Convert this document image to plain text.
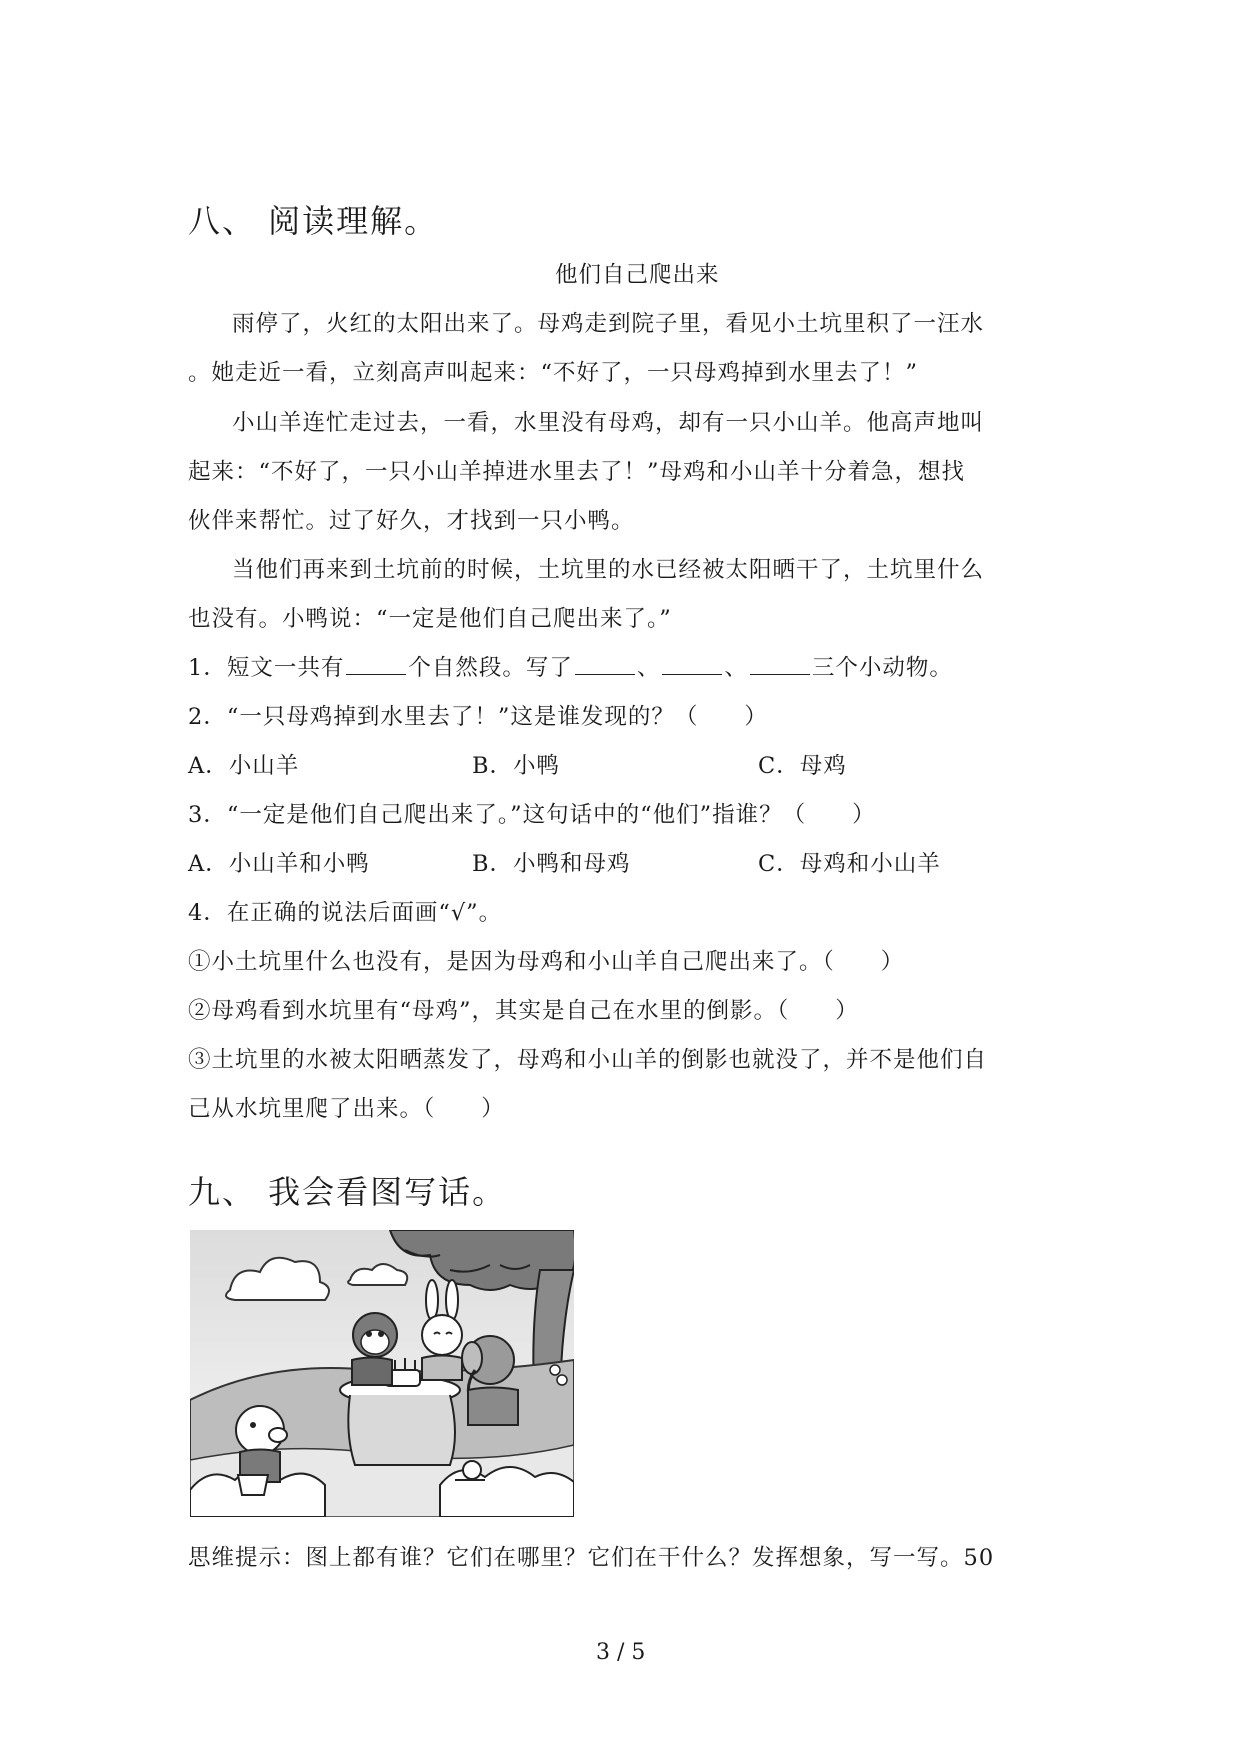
八、 阅读理解。
他们自己爬出来
雨停了，火红的太阳出来了。母鸡走到院子里，看见小土坑里积了一汪水
。她走近一看，立刻高声叫起来：“不好了，一只母鸡掉到水里去了！”
小山羊连忙走过去，一看，水里没有母鸡，却有一只小山羊。他高声地叫
起来：“不好了，一只小山羊掉进水里去了！”母鸡和小山羊十分着急，想找
伙伴来帮忙。过了好久，才找到一只小鸭。
当他们再来到土坑前的时候，土坑里的水已经被太阳晒干了，土坑里什么
也没有。小鸭说：“一定是他们自己爬出来了。”
1．短文一共有	个自然段。写了	、	、	三个小动物。
2．“一只母鸡掉到水里去了！”这是谁发现的？（ ）
A．小山羊	B．小鸭	C．母鸡
3．“一定是他们自己爬出来了。”这句话中的“他们”指谁？（ ）
A．小山羊和小鸭	B．小鸭和母鸡	C．母鸡和小山羊
4．在正确的说法后面画“√”。
①小土坑里什么也没有，是因为母鸡和小山羊自己爬出来了。（ ）
②母鸡看到水坑里有“母鸡”，其实是自己在水里的倒影。（ ）
③土坑里的水被太阳晒蒸发了，母鸡和小山羊的倒影也就没了，并不是他们自
己从水坑里爬了出来。（ ）
九、 我会看图写话。
思维提示：图上都有谁？它们在哪里？它们在干什么？发挥想象，写一写。50
3 / 5
